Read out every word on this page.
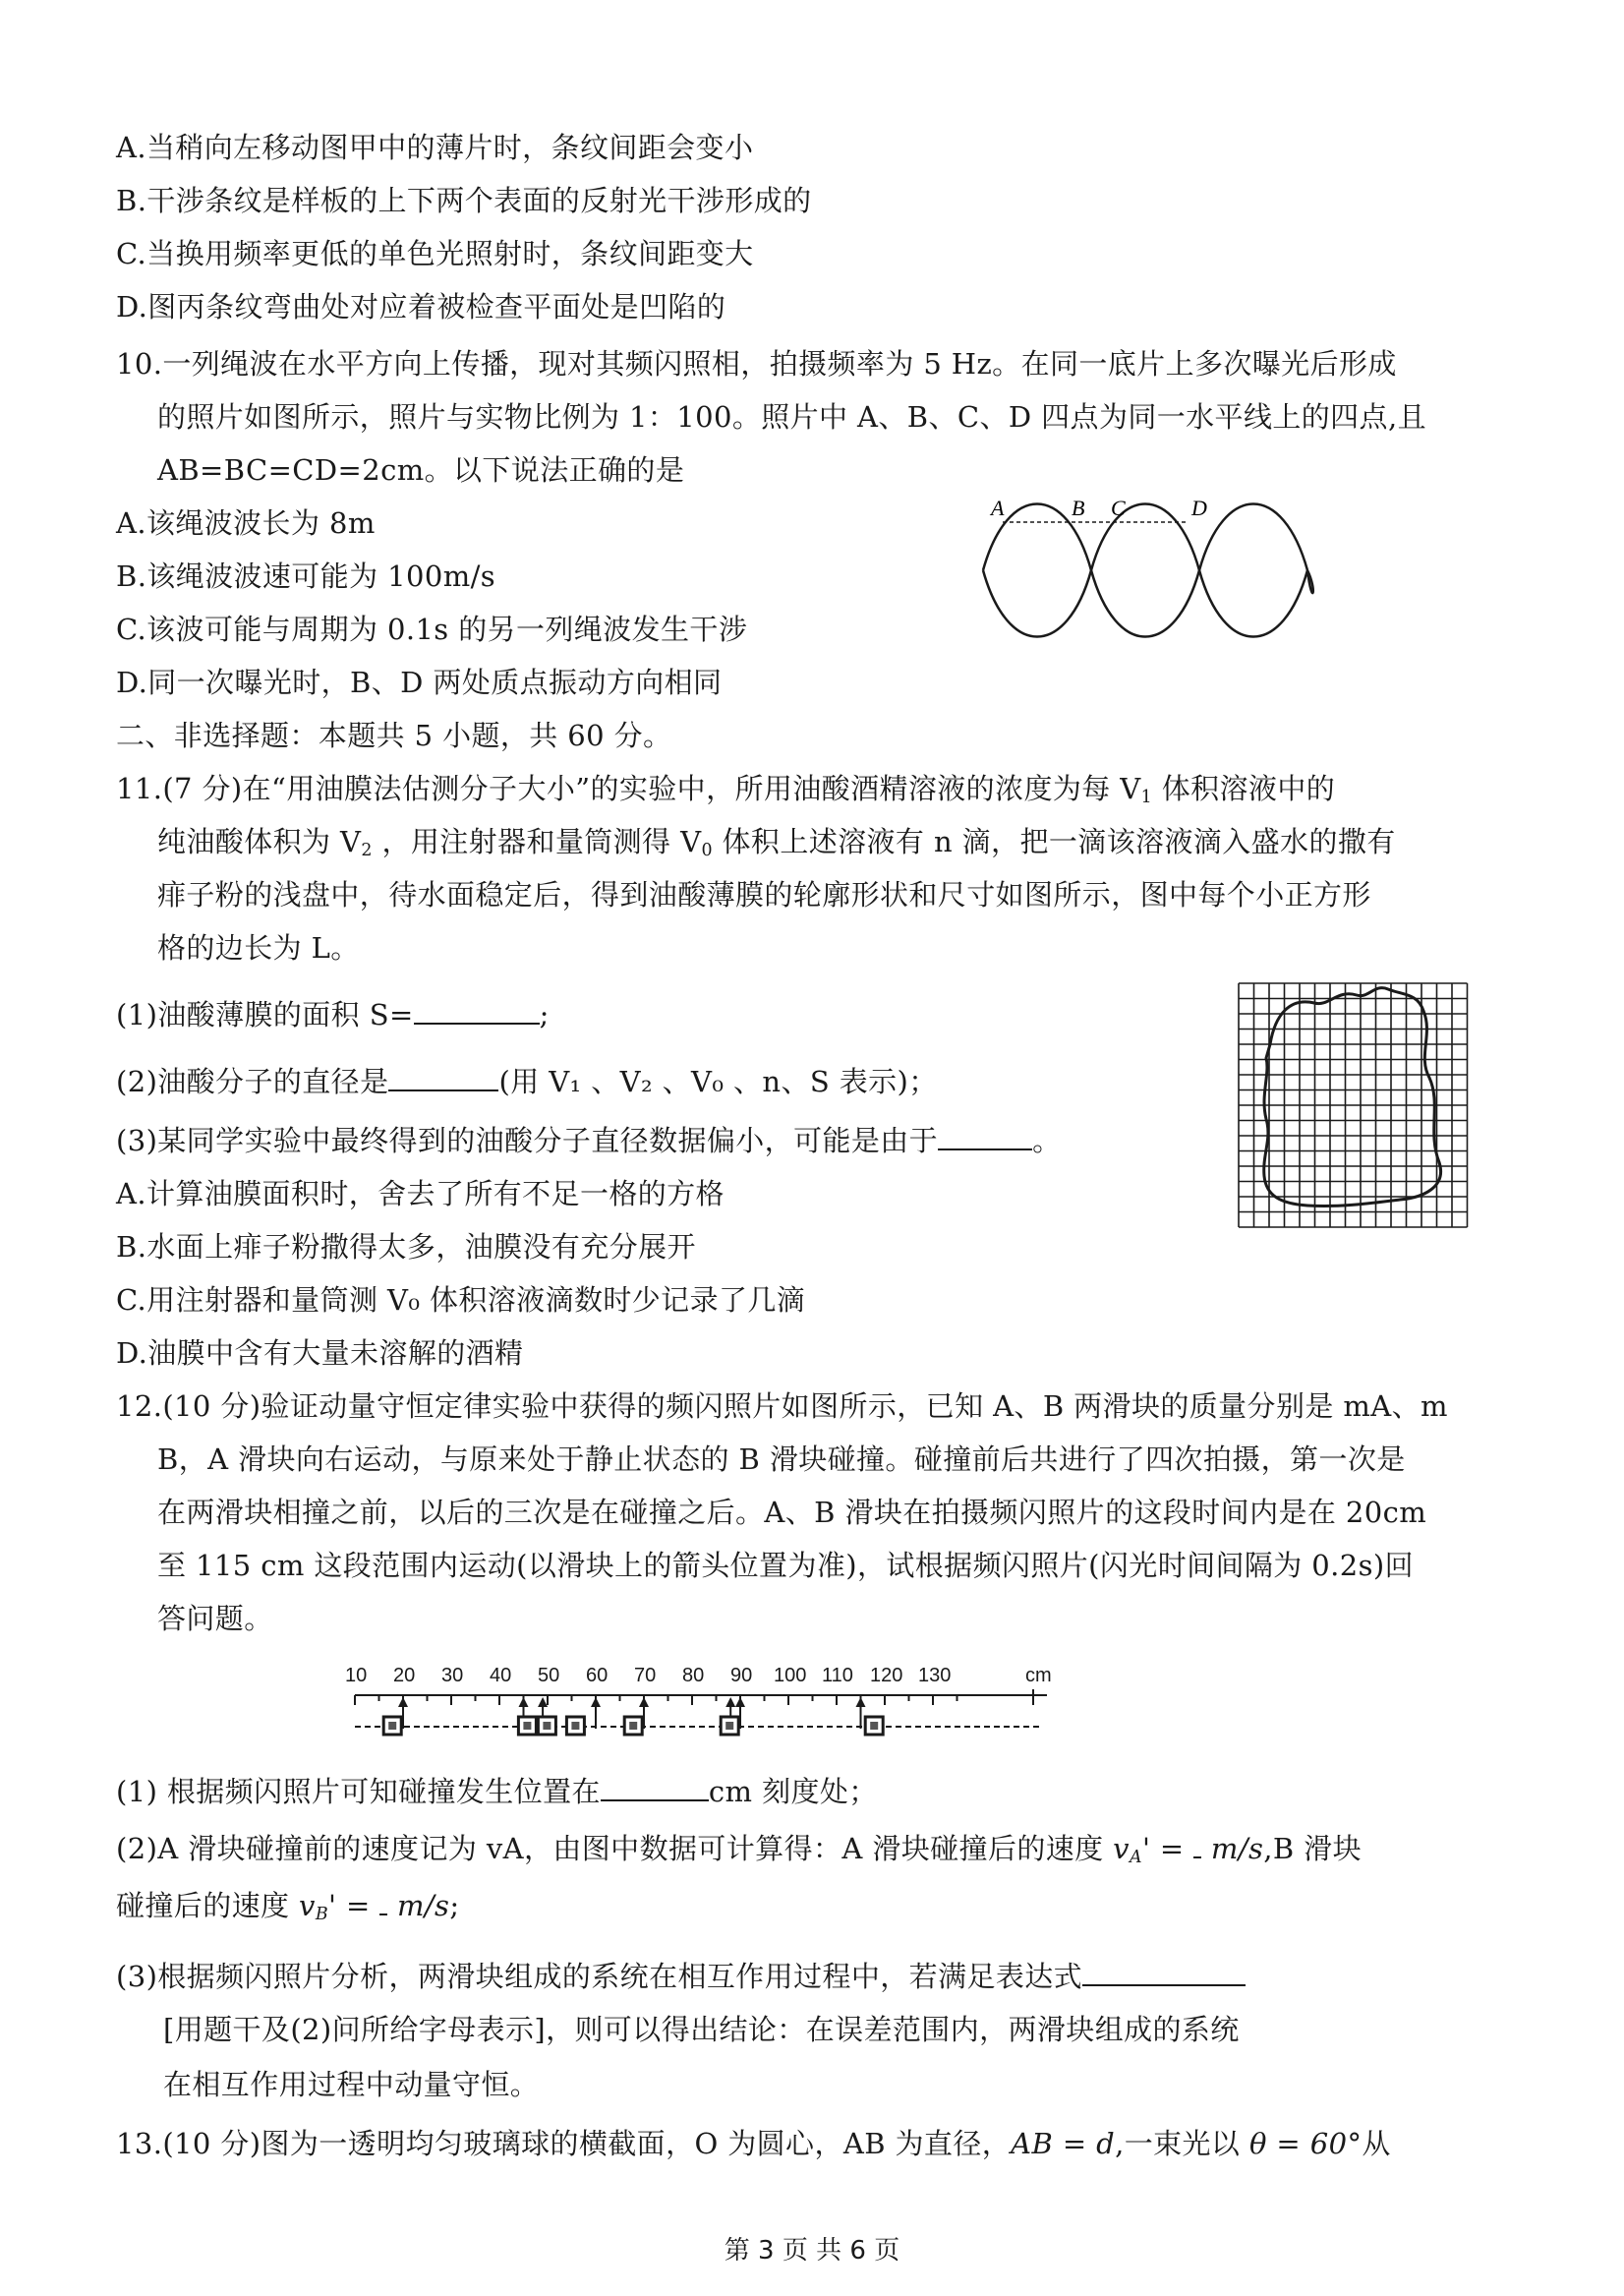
A.当稍向左移动图甲中的薄片时，条纹间距会变小
B.干涉条纹是样板的上下两个表面的反射光干涉形成的
C.当换用频率更低的单色光照射时，条纹间距变大
D.图丙条纹弯曲处对应着被检查平面处是凹陷的
10.一列绳波在水平方向上传播，现对其频闪照相，拍摄频率为 5 Hz。在同一底片上多次曝光后形成
的照片如图所示，照片与实物比例为 1：100。照片中 A、B、C、D 四点为同一水平线上的四点,且
AB=BC=CD=2cm。以下说法正确的是
A.该绳波波长为 8m
B.该绳波波速可能为 100m/s
C.该波可能与周期为 0.1s 的另一列绳波发生干涉
D.同一次曝光时，B、D 两处质点振动方向相同
A	B C	D
二、非选择题：本题共 5 小题，共 60 分。
11.(7 分)在“用油膜法估测分子大小”的实验中，所用油酸酒精溶液的浓度为每 $V_1$ 体积溶液中的
纯油酸体积为 $V_2$ ，用注射器和量筒测得 $V_0$ 体积上述溶液有 n 滴，把一滴该溶液滴入盛水的撒有
痱子粉的浅盘中，待水面稳定后，得到油酸薄膜的轮廓形状和尺寸如图所示，图中每个小正方形
格的边长为 L。
(1)油酸薄膜的面积 S=	;
(2)油酸分子的直径是	(用 V₁ 、V₂ 、V₀ 、n、S 表示)；
(3)某同学实验中最终得到的油酸分子直径数据偏小，可能是由于	。
A.计算油膜面积时，舍去了所有不足一格的方格
B.水面上痱子粉撒得太多，油膜没有充分展开
C.用注射器和量筒测 V₀ 体积溶液滴数时少记录了几滴
D.油膜中含有大量未溶解的酒精
12.(10 分)验证动量守恒定律实验中获得的频闪照片如图所示，已知 A、B 两滑块的质量分别是 mA、m
B，A 滑块向右运动，与原来处于静止状态的 B 滑块碰撞。碰撞前后共进行了四次拍摄，第一次是
在两滑块相撞之前，以后的三次是在碰撞之后。A、B 滑块在拍摄频闪照片的这段时间内是在 20cm
至 115 cm 这段范围内运动(以滑块上的箭头位置为准)，试根据频闪照片(闪光时间间隔为 0.2s)回
答问题。
10 20 30 40 50 60 70 80 90 100 110 120 130	cm
(1) 根据频闪照片可知碰撞发生位置在	cm 刻度处；
(2)A 滑块碰撞前的速度记为 vA，由图中数据可计算得：A 滑块碰撞后的速度 $v_A' = m/s,B$ 滑块
碰撞后的速度 $v_B' = m/s$;
(3)根据频闪照片分析，两滑块组成的系统在相互作用过程中，若满足表达式
[用题干及(2)问所给字母表示]，则可以得出结论：在误差范围内，两滑块组成的系统
在相互作用过程中动量守恒。
13.(10 分)图为一透明均匀玻璃球的横截面，O 为圆心，AB 为直径，AB = d,一束光以 θ = 60°从
第 3 页 共 6 页
